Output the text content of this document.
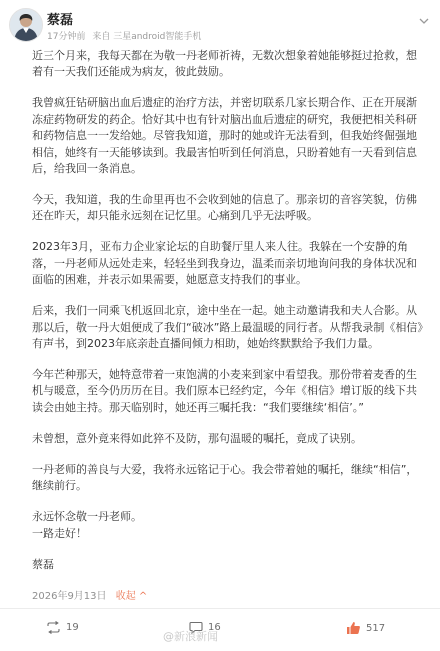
蔡磊
17分钟前 来自 三星android智能手机

近三个月来，我每天都在为敬一丹老师祈祷，无数次想象着她能够挺过抢救，想着有一天我们还能成为病友，彼此鼓励。

我曾疯狂钻研脑出血后遗症的治疗方法，并密切联系几家长期合作、正在开展渐冻症药物研发的药企。恰好其中也有针对脑出血后遗症的研究，我便把相关科研和药物信息一一发给她。尽管我知道，那时的她或许无法看到，但我始终倔强地相信，她终有一天能够读到。我最害怕听到任何消息，只盼着她有一天看到信息后，给我回一条消息。

今天，我知道，我的生命里再也不会收到她的信息了。那亲切的音容笑貌，仿佛还在昨天，却只能永远刻在记忆里。心痛到几乎无法呼吸。

2023年3月，亚布力企业家论坛的自助餐厅里人来人往。我躲在一个安静的角落，一丹老师从远处走来，轻轻坐到我身边，温柔而亲切地询问我的身体状况和面临的困难，并表示如果需要，她愿意支持我们的事业。

后来，我们一同乘飞机返回北京，途中坐在一起。她主动邀请我和夫人合影。从那以后，敬一丹大姐便成了我们“破冰”路上最温暖的同行者。从帮我录制《相信》有声书，到2023年底亲赴直播间倾力相助，她始终默默给予我们力量。

今年芒种那天，她特意带着一束饱满的小麦来到家中看望我。那份带着麦香的生机与暖意，至今仍历历在目。我们原本已经约定，今年《相信》增订版的线下共读会由她主持。那天临别时，她还再三嘱托我：“我们要继续‘相信’。”

未曾想，意外竟来得如此猝不及防，那句温暖的嘱托，竟成了诀别。

一丹老师的善良与大爱，我将永远铭记于心。我会带着她的嘱托，继续“相信”，继续前行。

永远怀念敬一丹老师。

一路走好！

蔡磊

2026年9月13日 收起 ^
19	16	517
@新浪新闻
